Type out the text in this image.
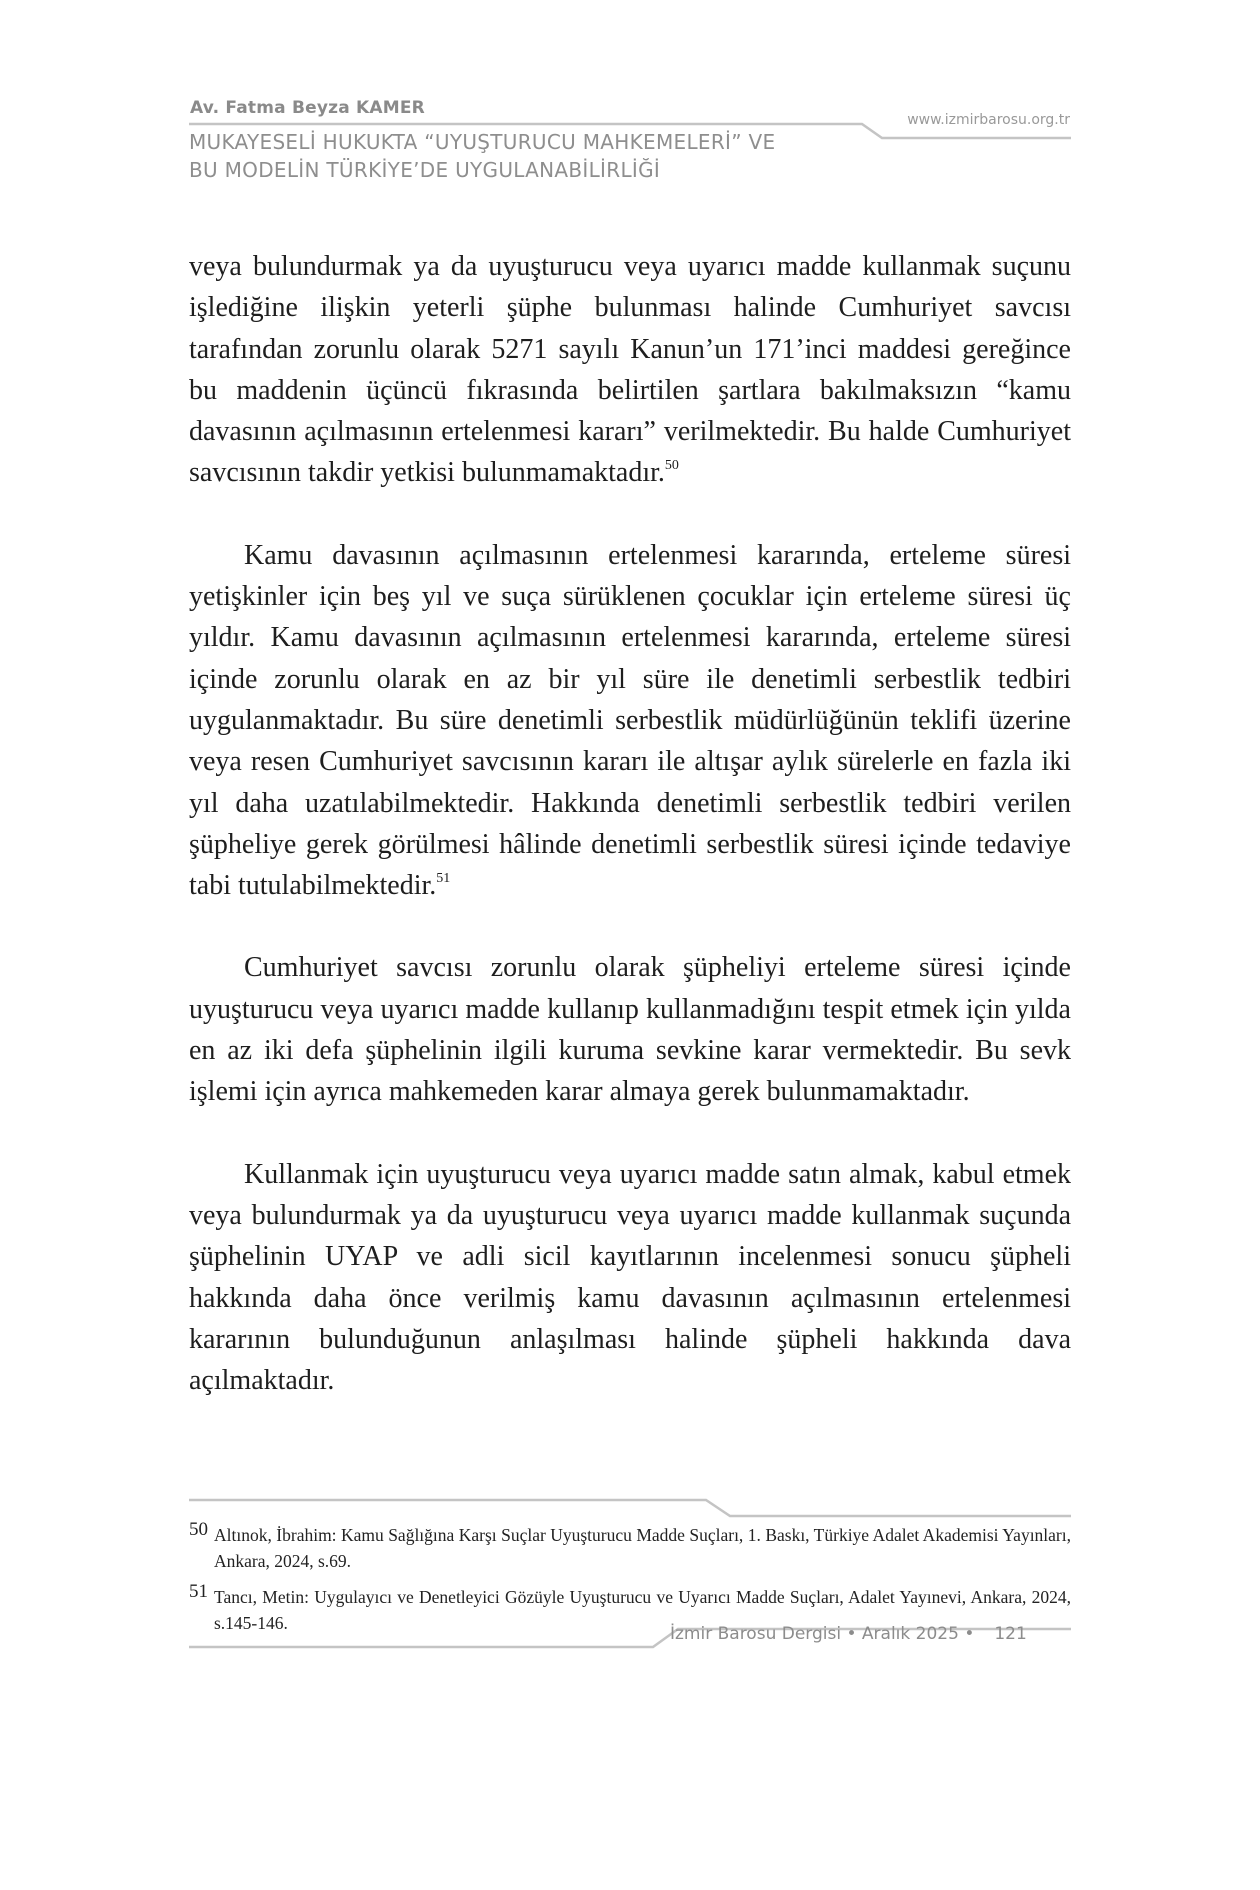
Av. Fatma Beyza KAMER
MUKAYESELİ HUKUKTA “UYUŞTURUCU MAHKEMELERİ” VE
BU MODELİN TÜRKİYE’DE UYGULANABİLİRLİĞİ
www.izmirbarosu.org.tr

veya bulundurmak ya da uyuşturucu veya uyarıcı madde kullanmak suçunu işlediğine ilişkin yeterli şüphe bulunması halinde Cumhuriyet savcısı tarafından zorunlu olarak 5271 sayılı Kanun’un 171’inci maddesi gereğince bu maddenin üçüncü fıkrasında belirtilen şartlara bakılmaksızın “kamu davasının açılmasının ertelenmesi kararı” verilmektedir. Bu halde Cumhuriyet savcısının takdir yetkisi bulunmamaktadır.$^{50}$

Kamu davasının açılmasının ertelenmesi kararında, erteleme süresi yetişkinler için beş yıl ve suça sürüklenen çocuklar için erteleme süresi üç yıldır. Kamu davasının açılmasının ertelenmesi kararında, erteleme süresi içinde zorunlu olarak en az bir yıl süre ile denetimli serbestlik tedbiri uygulanmaktadır. Bu süre denetimli serbestlik müdürlüğünün teklifi üzerine veya resen Cumhuriyet savcısının kararı ile altışar aylık sürelerle en fazla iki yıl daha uzatılabilmektedir. Hakkında denetimli serbestlik tedbiri verilen şüpheliye gerek görülmesi hâlinde denetimli serbestlik süresi içinde tedaviye tabi tutulabilmektedir.$^{51}$

Cumhuriyet savcısı zorunlu olarak şüpheliyi erteleme süresi içinde uyuşturucu veya uyarıcı madde kullanıp kullanmadığını tespit etmek için yılda en az iki defa şüphelinin ilgili kuruma sevkine karar vermektedir. Bu sevk işlemi için ayrıca mahkemeden karar almaya gerek bulunmamaktadır.

Kullanmak için uyuşturucu veya uyarıcı madde satın almak, kabul etmek veya bulundurmak ya da uyuşturucu veya uyarıcı madde kullanmak suçunda şüphelinin UYAP ve adli sicil kayıtlarının incelenmesi sonucu şüpheli hakkında daha önce verilmiş kamu davasının açılmasının ertelenmesi kararının bulunduğunun anlaşılması halinde şüpheli hakkında dava açılmaktadır.

50 Altınok, İbrahim: Kamu Sağlığına Karşı Suçlar Uyuşturucu Madde Suçları, 1. Baskı, Türkiye Adalet Akademisi Yayınları, Ankara, 2024, s.69.
51 Tancı, Metin: Uygulayıcı ve Denetleyici Gözüyle Uyuşturucu ve Uyarıcı Madde Suçları, Adalet Yayınevi, Ankara, 2024, s.145-146.
İzmir Barosu Dergisi • Aralık 2025 • 121
